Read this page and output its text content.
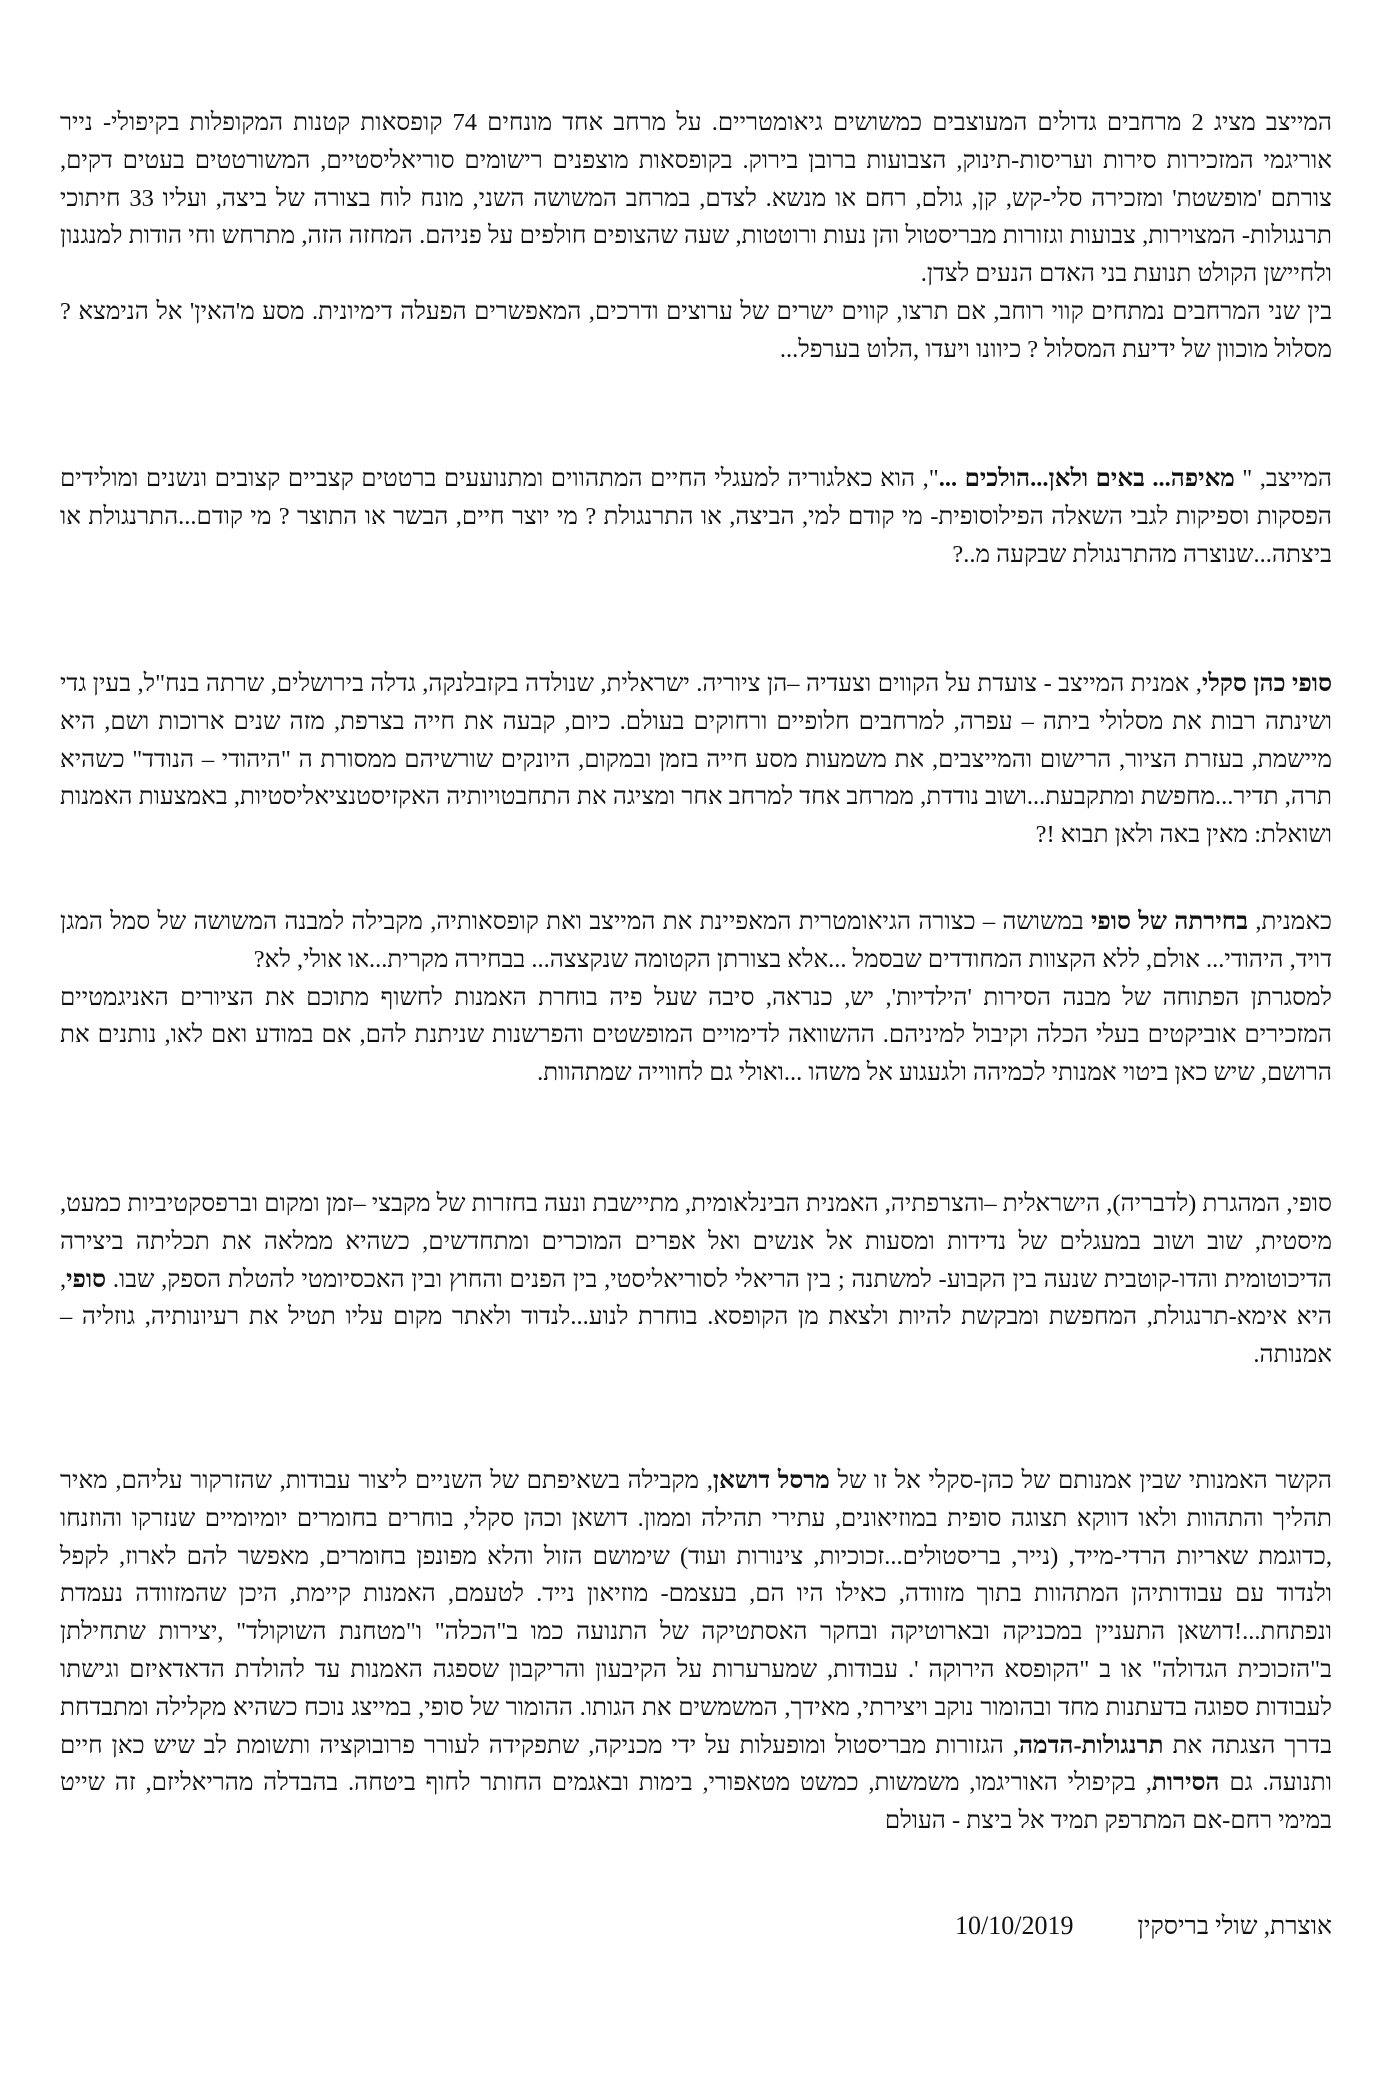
המייצב מציג 2 מרחבים גדולים המעוצבים כמשושים גיאומטריים. על מרחב אחד מונחים 74 קופסאות קטנות המקופלות בקיפולי- נייר אוריגמי המזכירות סירות ועריסות-תינוק, הצבועות ברובן בירוק. בקופסאות מוצפנים רישומים סוריאליסטיים, המשורטטים בעטים דקים, צורתם 'מופשטת' ומזכירה סלי-קש, קן, גולם, רחם או מנשא. לצדם, במרחב המשושה השני, מונח לוח בצורה של ביצה, ועליו 33 חיתוכי תרנגולות- המצוירות, צבועות וגזורות מבריסטול והן נעות ורוטטות, שעה שהצופים חולפים על פניהם. המחזה הזה, מתרחש וחי הודות למנגנון ולחיישן הקולט תנועת בני האדם הנעים לצדן.

בין שני המרחבים נמתחים קווי רוחב, אם תרצו, קווים ישרים של ערוצים ודרכים, המאפשרים הפעלה דימיונית. מסע מ'האין' אל הנימצא ? מסלול מוכוון של ידיעת המסלול ? כיוונו ויעדו ,הלוט בערפל...

המייצב, " מאיפה... באים ולאן...הולכים ...", הוא כאלגוריה למעגלי החיים המתהווים ומתנועעים ברטטים קצביים קצובים ונשנים ומולידים הפסקות וספיקות לגבי השאלה הפילוסופית- מי קודם למי, הביצה, או התרנגולת ? מי יוצר חיים, הבשר או התוצר ? מי קודם...התרנגולת או ביצתה...שנוצרה מהתרנגולת שבקעה מ..?

סופי כהן סקלי, אמנית המייצב - צועדת על הקווים וצעדיה –הן ציוריה. ישראלית, שנולדה בקזבלנקה, גדלה בירושלים, שרתה בנח"ל, בעין גדי ושינתה רבות את מסלולי ביתה – עפרה, למרחבים חלופיים ורחוקים בעולם. כיום, קבעה את חייה בצרפת, מזה שנים ארוכות ושם, היא מיישמת, בעזרת הציור, הרישום והמייצבים, את משמעות מסע חייה בזמן ובמקום, היונקים שורשיהם ממסורת ה "היהודי – הנודד" כשהיא תרה, תדיר...מחפשת ומתקבעת...ושוב נודדת, ממרחב אחד למרחב אחר ומציגה את התחבטויותיה האקזיסטנציאליסטיות, באמצעות האמנות ושואלת: מאין באה ולאן תבוא !?

כאמנית, בחירתה של סופי במשושה – כצורה הגיאומטרית המאפיינת את המייצב ואת קופסאותיה, מקבילה למבנה המשושה של סמל המגן דויד, היהודי... אולם, ללא הקצוות המחודדים שבסמל ...אלא בצורתן הקטומה שנקצצה... בבחירה מקרית...או אולי, לא?

למסגרתן הפתוחה של מבנה הסירות 'הילדיות', יש, כנראה, סיבה שעל פיה בוחרת האמנות לחשוף מתוכם את הציורים האניגמטיים המזכירים אוביקטים בעלי הכלה וקיבול למיניהם. ההשוואה לדימויים המופשטים והפרשנות שניתנת להם, אם במודע ואם לאו, נותנים את הרושם, שיש כאן ביטוי אמנותי לכמיהה ולגעגוע אל משהו ...ואולי גם לחווייה שמתהוות.

סופי, המהגרת (לדבריה), הישראלית –והצרפתיה, האמנית הבינלאומית, מתיישבת ונעה בחזרות של מקבצי –זמן ומקום וברפסקטיביות כמעט, מיסטית, שוב ושוב במעגלים של נדידות ומסעות אל אנשים ואל אפרים המוכרים ומתחדשים, כשהיא ממלאה את תכליתה ביצירה הדיכוטומית והדו-קוטבית שנעה בין הקבוע- למשתנה ; בין הריאלי לסוריאליסטי, בין הפנים והחוץ ובין האכסיומטי להטלת הספק, שבו. סופי, היא אימא-תרנגולת, המחפשת ומבקשת להיות ולצאת מן הקופסא. בוחרת לנוע...לנדוד ולאתר מקום עליו תטיל את רעיונותיה, גוזליה – אמנותה.

הקשר האמנותי שבין אמנותם של כהן-סקלי אל זו של מרסל דושאן, מקבילה בשאיפתם של השניים ליצור עבודות, שהזרקור עליהם, מאיר תהליך והתהוות ולאו דווקא תצוגה סופית במוזיאונים, עתירי תהילה וממון. דושאן וכהן סקלי, בוחרים בחומרים יומיומיים שנזרקו והוזנחו ,כדוגמת שאריות הרדי-מייד, (נייר, בריסטולים...זכוכיות, צינורות ועוד) שימושם הזול והלא מפונפן בחומרים, מאפשר להם לארוז, לקפל ולנדוד עם עבודותיהן המתהוות בתוך מזוודה, כאילו היו הם, בעצמם- מוזיאון נייד. לטעמם, האמנות קיימת, היכן שהמזוודה נעמדת ונפתחת...!דושאן התעניין במכניקה ובארוטיקה ובחקר האסתטיקה של התנועה כמו ב"הכלה" ו"מטחנת השוקולד" ,יצירות שתחילתן ב"הזכוכית הגדולה" או ב "הקופסא הירוקה '. עבודות, שמערערות על הקיבעון והריקבון שספגה האמנות עד להולדת הדאדאיזם וגישתו לעבודות ספוגה בדעתנות מחד ובהומור נוקב ויצירתי, מאידך, המשמשים את הגותו. ההומור של סופי, במייצג נוכח כשהיא מקלילה ומתבדחת בדרך הצגתה את תרנגולות-הדמה, הגזורות מבריסטול ומופעלות על ידי מכניקה, שתפקידה לעורר פרובוקציה ותשומת לב שיש כאן חיים ותנועה. גם הסירות, בקיפולי האוריגמו, משמשות, כמשט מטאפורי, בימות ובאגמים החותר לחוף ביטחה. בהבדלה מהריאליזם, זה שייט במימי רחם-אם המתרפק תמיד אל ביצת - העולם

אוצרת, שולי בריסקין
10/10/2019
